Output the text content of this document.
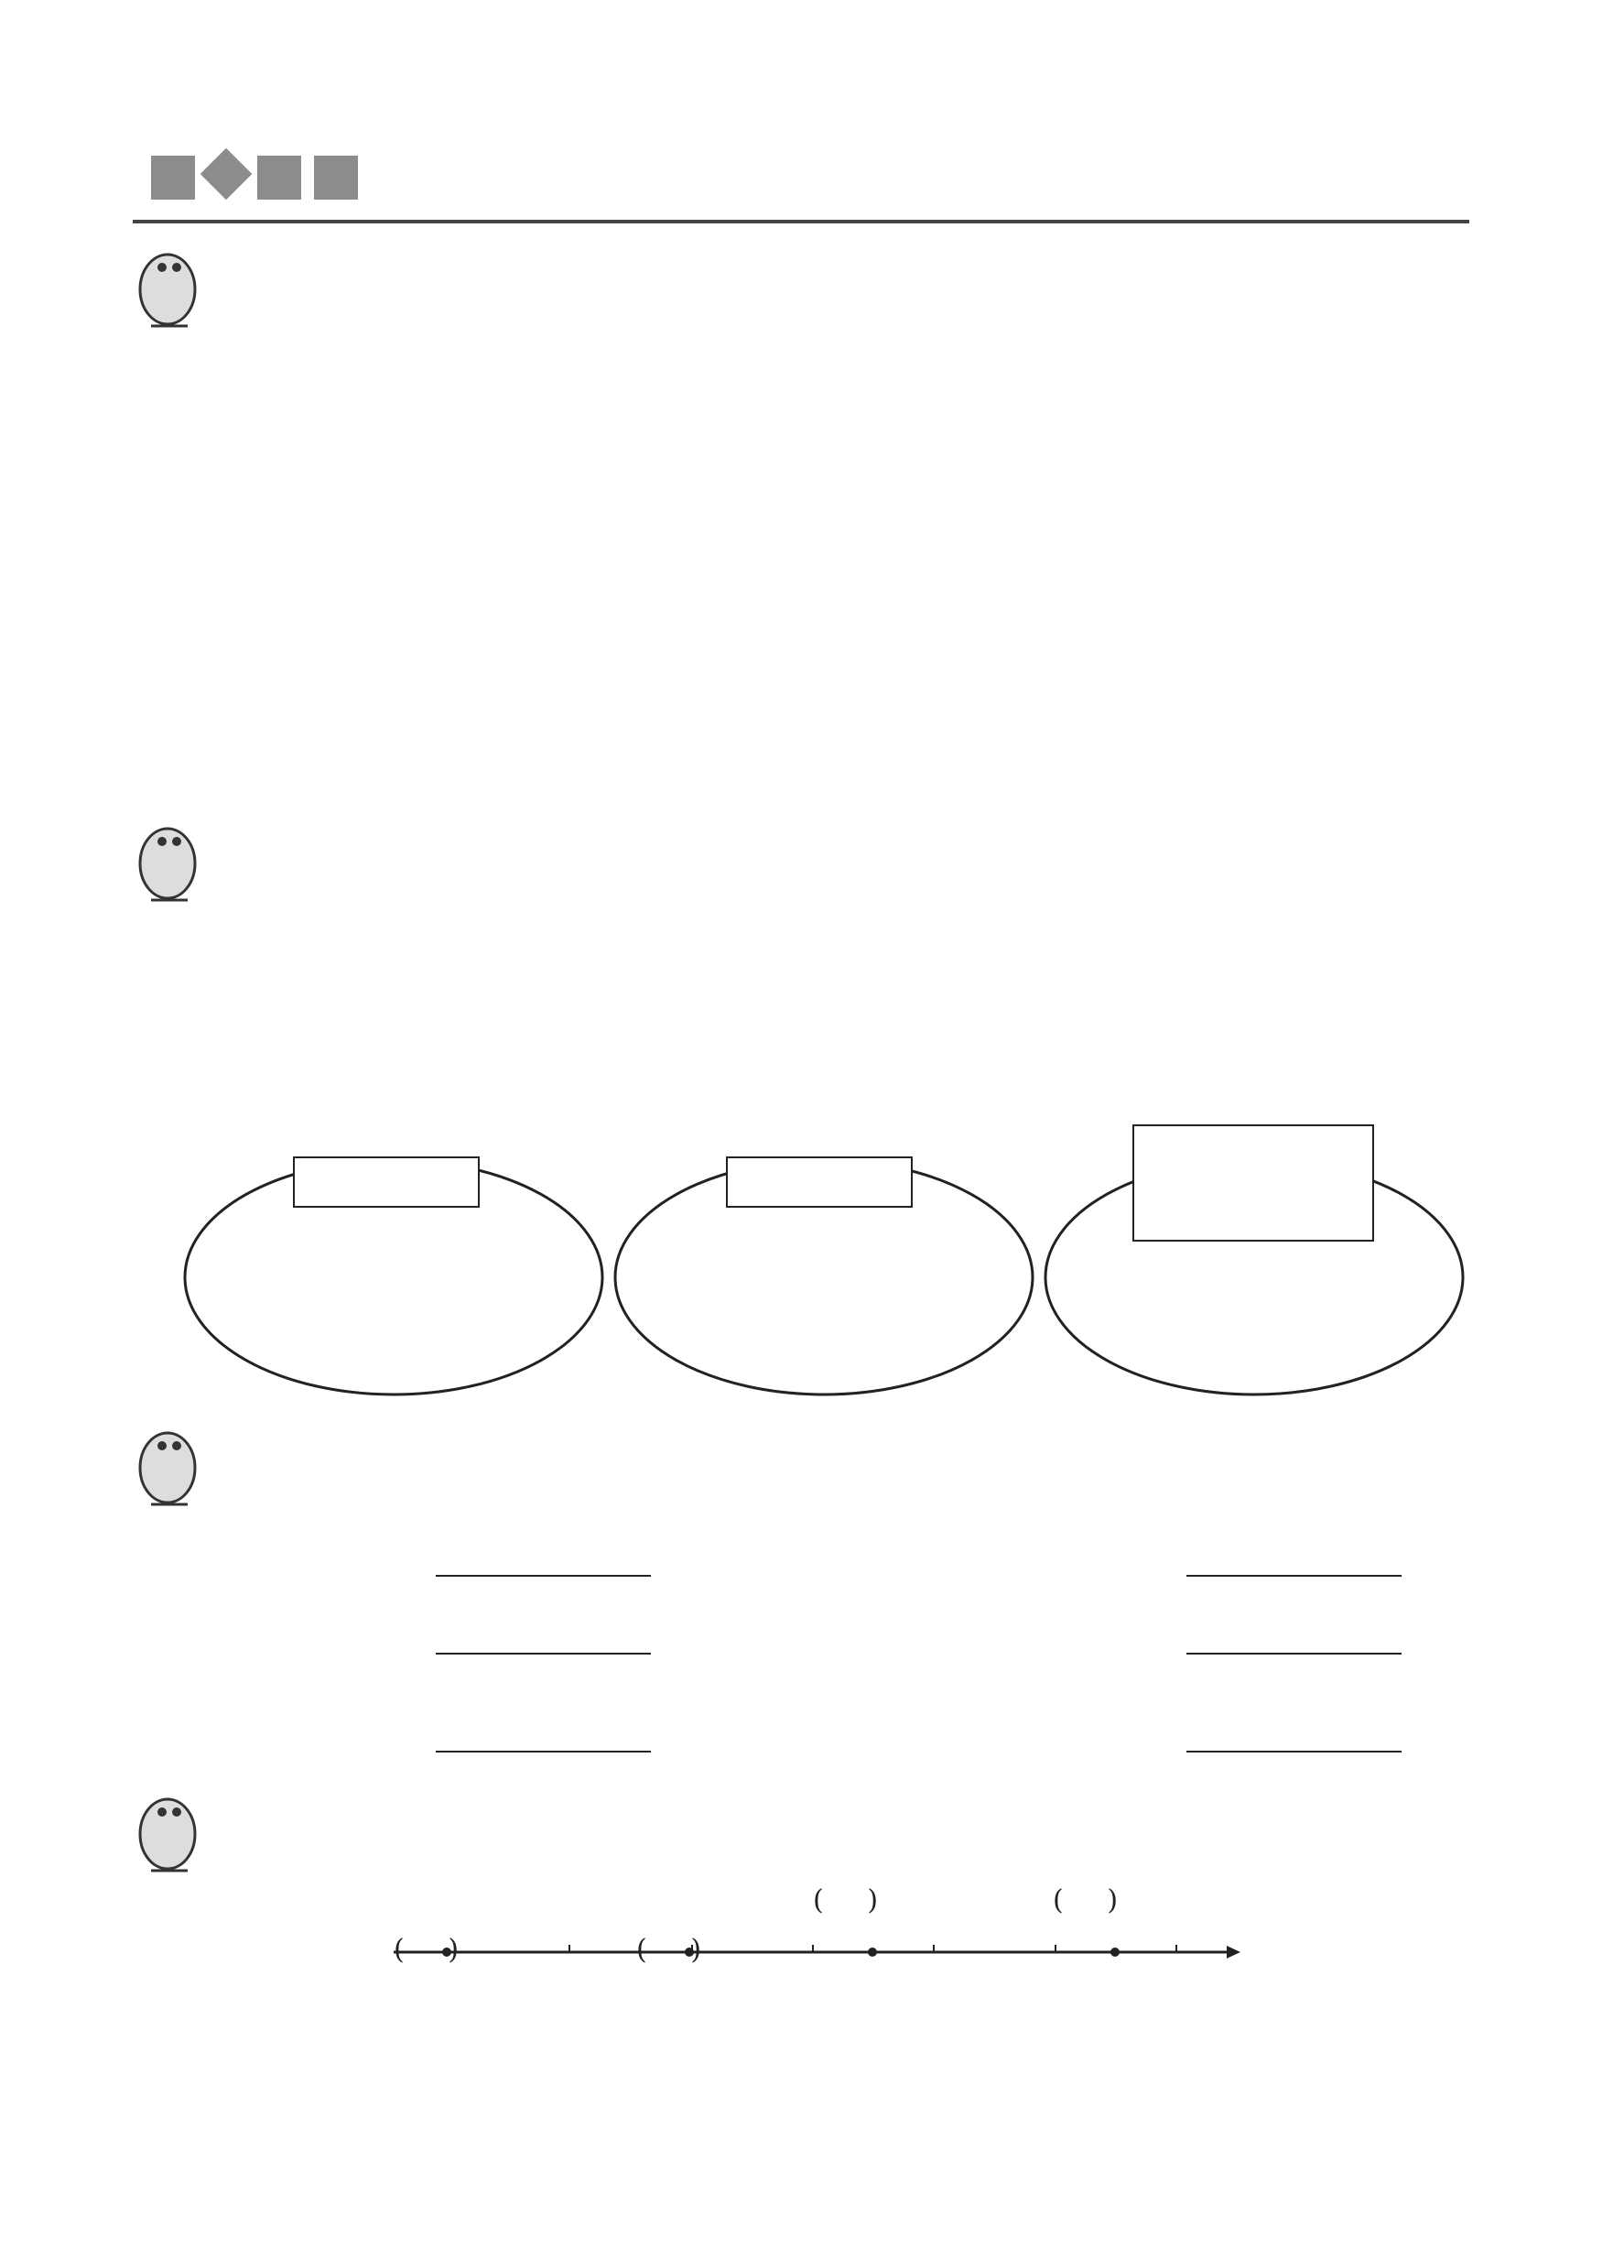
(     )	(     )
(     )	(     )
